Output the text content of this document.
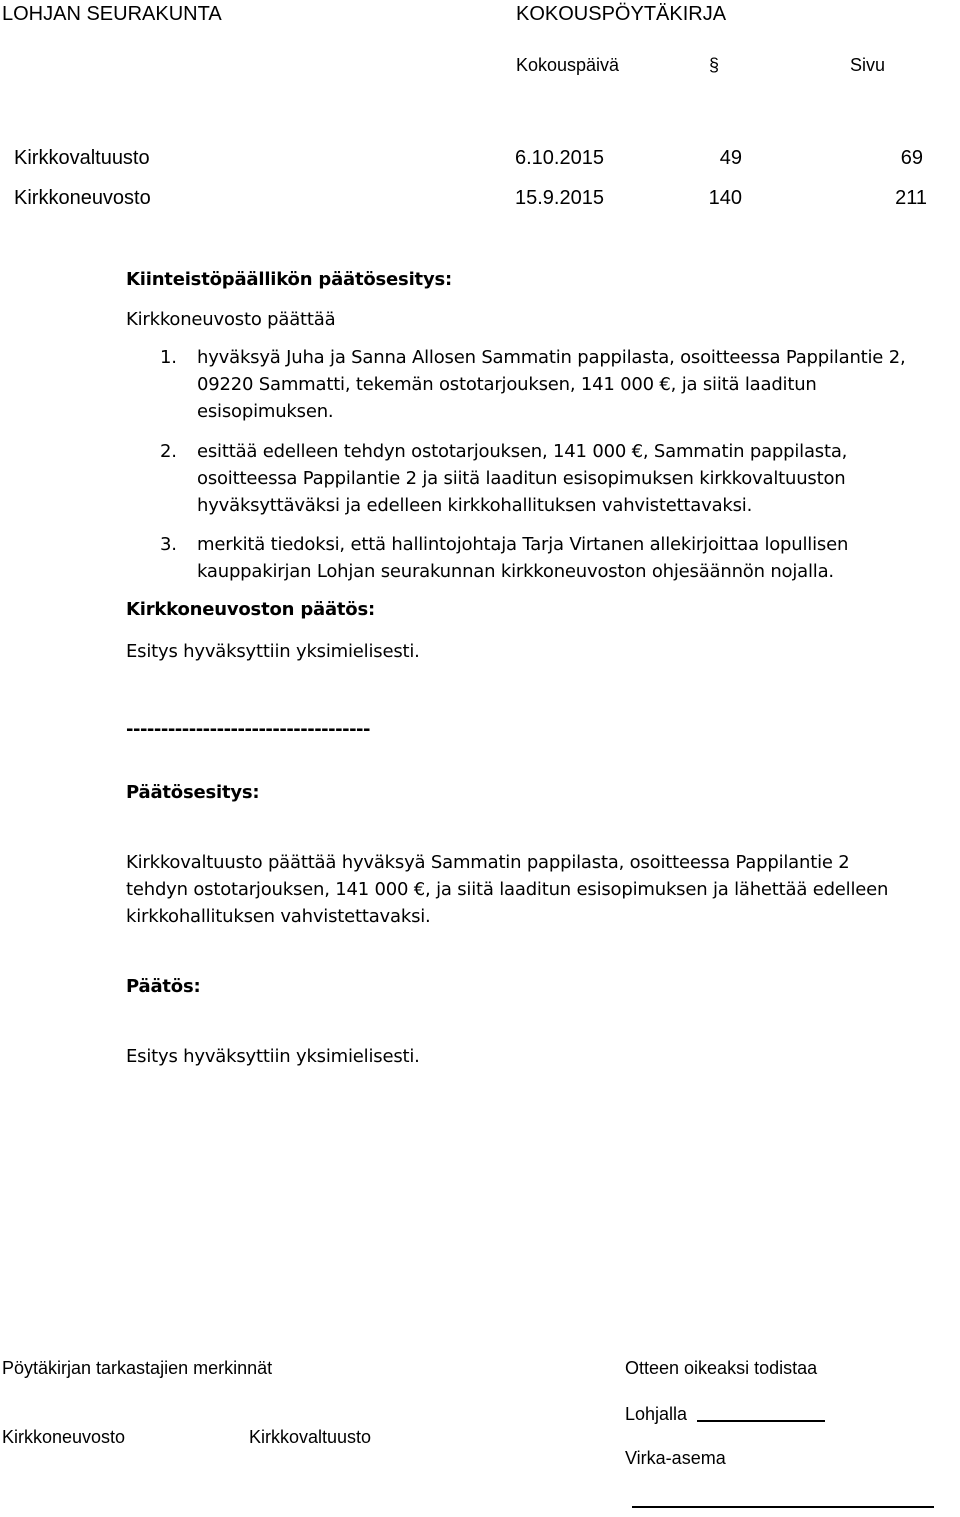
LOHJAN SEURAKUNTA	KOKOUSPÖYTÄKIRJA
Kokouspäivä	§	Sivu
Kirkkovaltuusto	6.10.2015	49	69
Kirkkoneuvosto	15.9.2015	140	211
Kiinteistöpäällikön päätösesitys:
Kirkkoneuvosto päättää
1. hyväksyä Juha ja Sanna Allosen Sammatin pappilasta, osoitteessa Pappilantie 2,
09220 Sammatti, tekemän ostotarjouksen, 141 000 €, ja siitä laaditun
esisopimuksen.
2. esittää edelleen tehdyn ostotarjouksen, 141 000 €, Sammatin pappilasta,
osoitteessa Pappilantie 2 ja siitä laaditun esisopimuksen kirkkovaltuuston
hyväksyttäväksi ja edelleen kirkkohallituksen vahvistettavaksi.
3. merkitä tiedoksi, että hallintojohtaja Tarja Virtanen allekirjoittaa lopullisen
kauppakirjan Lohjan seurakunnan kirkkoneuvoston ohjesäännön nojalla.
Kirkkoneuvoston päätös:
Esitys hyväksyttiin yksimielisesti.
-----------------------------------
Päätösesitys:
Kirkkovaltuusto päättää hyväksyä Sammatin pappilasta, osoitteessa Pappilantie 2
tehdyn ostotarjouksen, 141 000 €, ja siitä laaditun esisopimuksen ja lähettää edelleen
kirkkohallituksen vahvistettavaksi.
Päätös:
Esitys hyväksyttiin yksimielisesti.
Pöytäkirjan tarkastajien merkinnät	Otteen oikeaksi todistaa
Lohjalla
Kirkkoneuvosto	Kirkkovaltuusto
Virka-asema
